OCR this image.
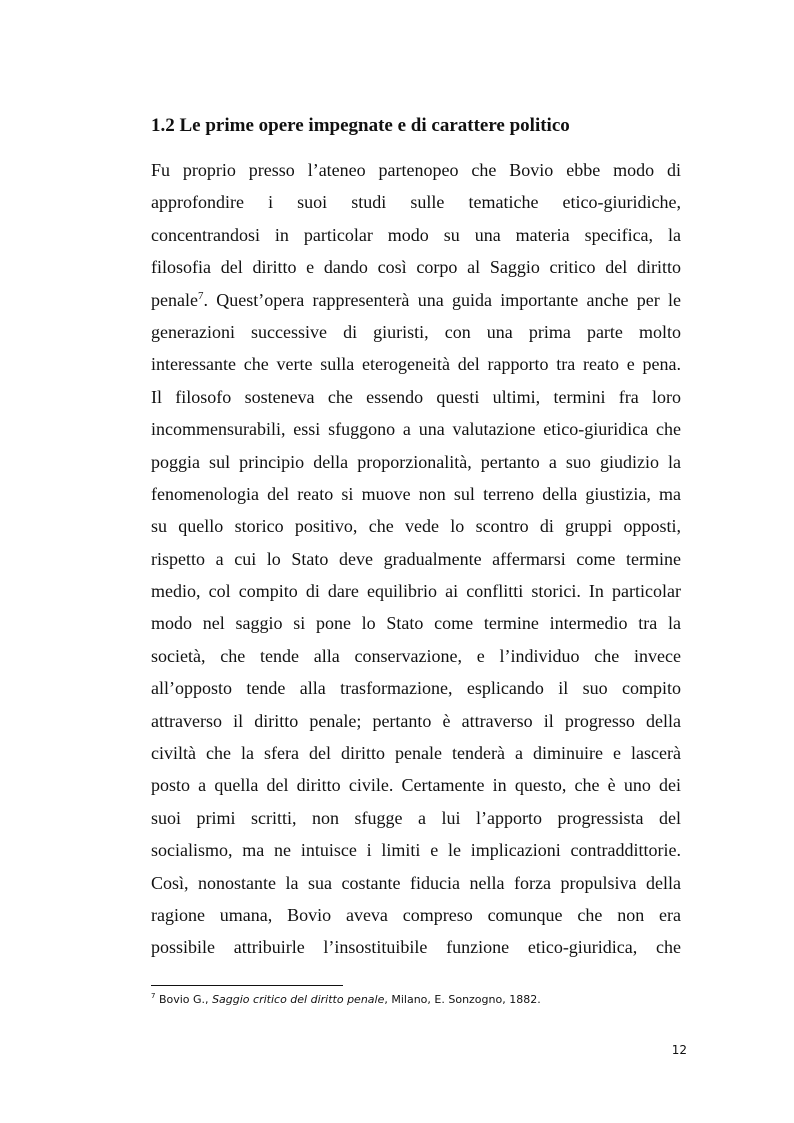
1.2 Le prime opere impegnate e di carattere politico
Fu proprio presso l’ateneo partenopeo che Bovio ebbe modo di
approfondire i suoi studi sulle tematiche etico-giuridiche,
concentrandosi in particolar modo su una materia specifica, la
filosofia del diritto e dando così corpo al Saggio critico del diritto
penale$^7$. Quest’opera rappresenterà una guida importante anche per le
generazioni successive di giuristi, con una prima parte molto
interessante che verte sulla eterogeneità del rapporto tra reato e pena.
Il filosofo sosteneva che essendo questi ultimi, termini fra loro
incommensurabili, essi sfuggono a una valutazione etico-giuridica che
poggia sul principio della proporzionalità, pertanto a suo giudizio la
fenomenologia del reato si muove non sul terreno della giustizia, ma
su quello storico positivo, che vede lo scontro di gruppi opposti,
rispetto a cui lo Stato deve gradualmente affermarsi come termine
medio, col compito di dare equilibrio ai conflitti storici. In particolar
modo nel saggio si pone lo Stato come termine intermedio tra la
società, che tende alla conservazione, e l’individuo che invece
all’opposto tende alla trasformazione, esplicando il suo compito
attraverso il diritto penale; pertanto è attraverso il progresso della
civiltà che la sfera del diritto penale tenderà a diminuire e lascerà
posto a quella del diritto civile. Certamente in questo, che è uno dei
suoi primi scritti, non sfugge a lui l’apporto progressista del
socialismo, ma ne intuisce i limiti e le implicazioni contraddittorie.
Così, nonostante la sua costante fiducia nella forza propulsiva della
ragione umana, Bovio aveva compreso comunque che non era
possibile attribuirle l’insostituibile funzione etico-giuridica, che

$^7$ Bovio G., Saggio critico del diritto penale, Milano, E. Sonzogno, 1882.

12
